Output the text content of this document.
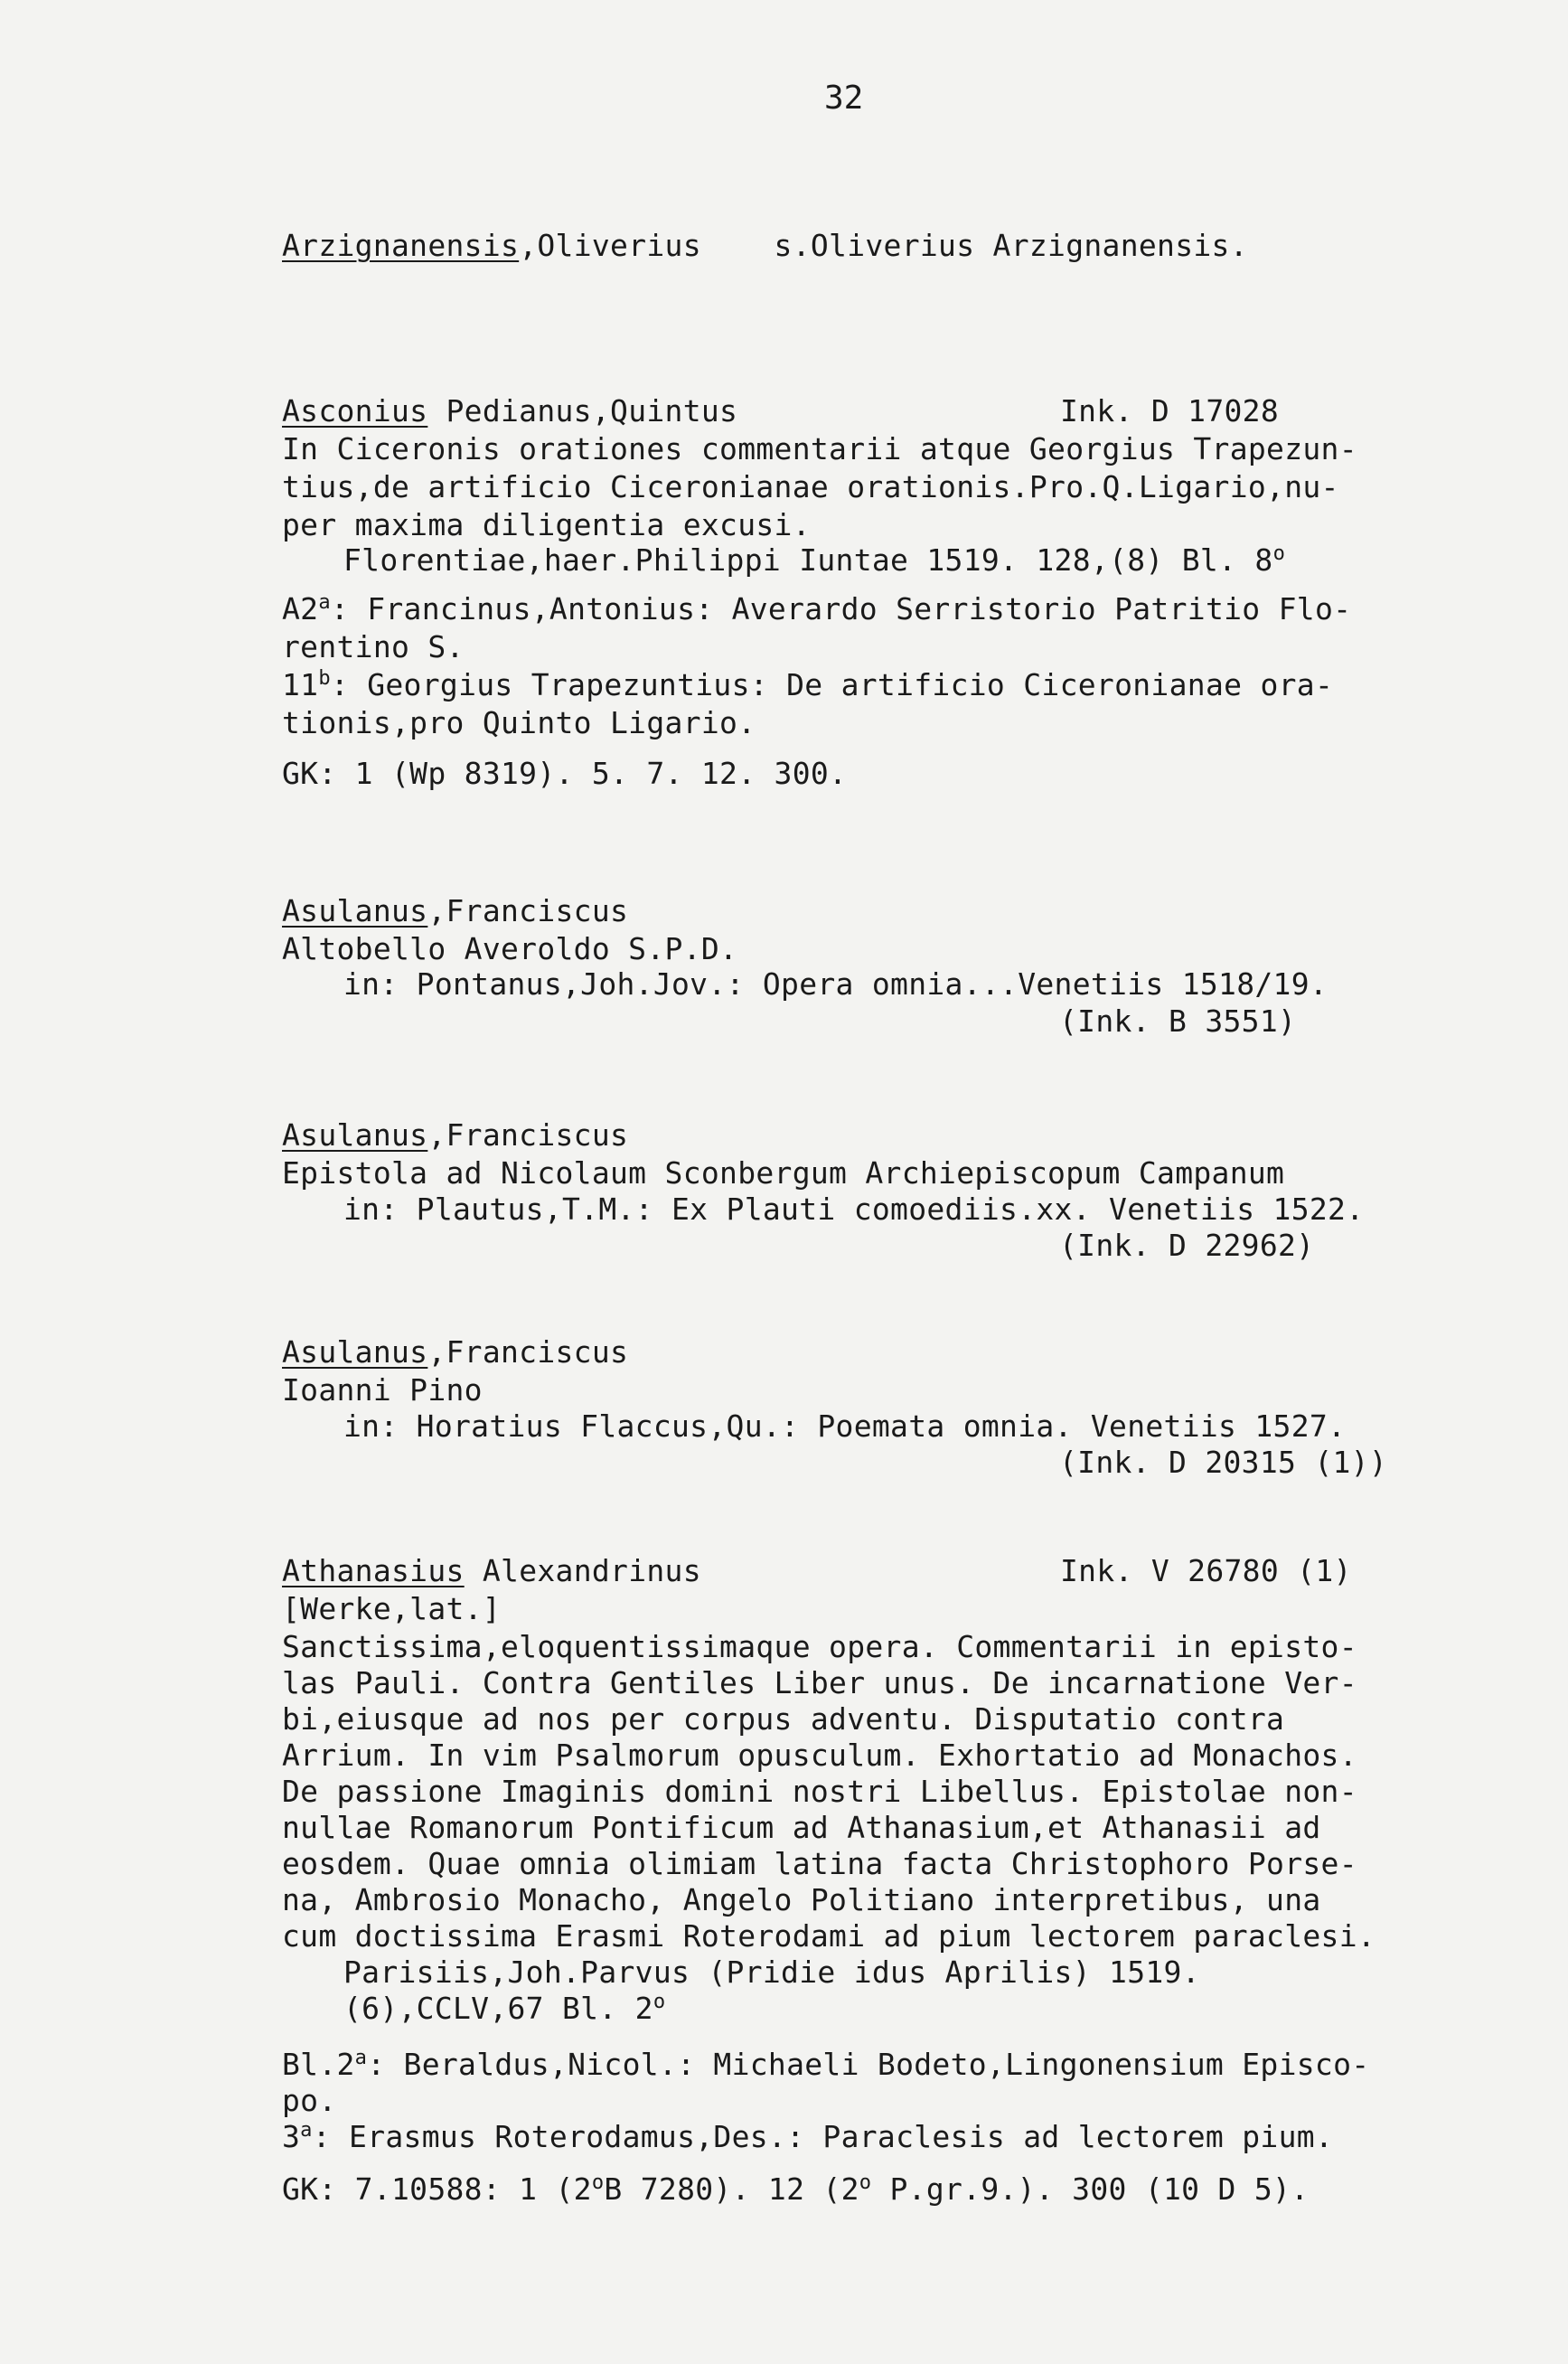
32
Arzignanensis,Oliverius    s.Oliverius Arzignanensis.
Asconius Pedianus,Quintus	Ink. D 17028
In Ciceronis orationes commentarii atque Georgius Trapezun-
tius,de artificio Ciceronianae orationis.Pro.Q.Ligario,nu-
per maxima diligentia excusi.
Florentiae,haer.Philippi Iuntae 1519. 128,(8) Bl. 8$^o$
A2$^a$: Francinus,Antonius: Averardo Serristorio Patritio Flo-
rentino S.
11$^b$: Georgius Trapezuntius: De artificio Ciceronianae ora-
tionis,pro Quinto Ligario.
GK: 1 (Wp 8319). 5. 7. 12. 300.
Asulanus,Franciscus
Altobello Averoldo S.P.D.
in: Pontanus,Joh.Jov.: Opera omnia...Venetiis 1518/19.
(Ink. B 3551)
Asulanus,Franciscus
Epistola ad Nicolaum Sconbergum Archiepiscopum Campanum
in: Plautus,T.M.: Ex Plauti comoediis.xx. Venetiis 1522.
(Ink. D 22962)
Asulanus,Franciscus
Ioanni Pino
in: Horatius Flaccus,Qu.: Poemata omnia. Venetiis 1527.
(Ink. D 20315 (1))
Athanasius Alexandrinus	Ink. V 26780 (1)
[Werke,lat.]
Sanctissima,eloquentissimaque opera. Commentarii in episto-
las Pauli. Contra Gentiles Liber unus. De incarnatione Ver-
bi,eiusque ad nos per corpus adventu. Disputatio contra
Arrium. In vim Psalmorum opusculum. Exhortatio ad Monachos.
De passione Imaginis domini nostri Libellus. Epistolae non-
nullae Romanorum Pontificum ad Athanasium,et Athanasii ad
eosdem. Quae omnia olimiam latina facta Christophoro Porse-
na, Ambrosio Monacho, Angelo Politiano interpretibus, una
cum doctissima Erasmi Roterodami ad pium lectorem paraclesi.
Parisiis,Joh.Parvus (Pridie idus Aprilis) 1519.
(6),CCLV,67 Bl. 2$^o$
Bl.2$^a$: Beraldus,Nicol.: Michaeli Bodeto,Lingonensium Episco-
po.
3$^a$: Erasmus Roterodamus,Des.: Paraclesis ad lectorem pium.
GK: 7.10588: 1 (2$^o$B 7280). 12 (2$^o$ P.gr.9.). 300 (10 D 5).
